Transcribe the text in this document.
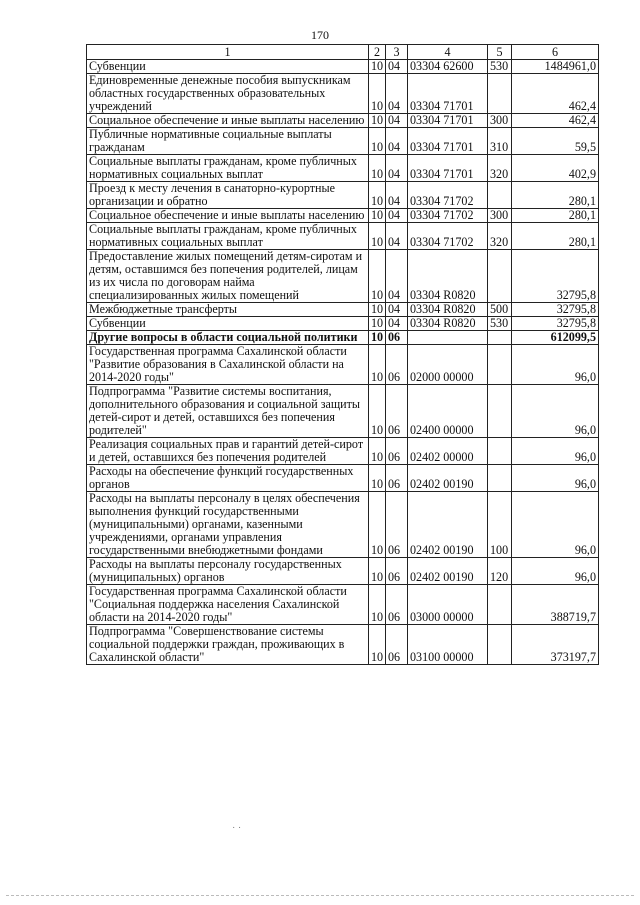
170
1	2	3	4	5	6
Субвенции	10	04	03304 62600	530	1484961,0
Единовременные денежные пособия выпускникам областных государственных образовательных учреждений	10	04	03304 71701		462,4
Социальное обеспечение и иные выплаты населению	10	04	03304 71701	300	462,4
Публичные нормативные социальные выплаты гражданам	10	04	03304 71701	310	59,5
Социальные выплаты гражданам, кроме публичных нормативных социальных выплат	10	04	03304 71701	320	402,9
Проезд к месту лечения в санаторно-курортные организации и обратно	10	04	03304 71702		280,1
Социальное обеспечение и иные выплаты населению	10	04	03304 71702	300	280,1
Социальные выплаты гражданам, кроме публичных нормативных социальных выплат	10	04	03304 71702	320	280,1
Предоставление жилых помещений детям-сиротам и детям, оставшимся без попечения родителей, лицам из их числа по договорам найма специализированных жилых помещений	10	04	03304 R0820		32795,8
Межбюджетные трансферты	10	04	03304 R0820	500	32795,8
Субвенции	10	04	03304 R0820	530	32795,8
Другие вопросы в области социальной политики	10	06			612099,5
Государственная программа Сахалинской области "Развитие образования в Сахалинской области на 2014-2020 годы"	10	06	02000 00000		96,0
Подпрограмма "Развитие системы воспитания, дополнительного образования и социальной защиты детей-сирот и детей, оставшихся без попечения родителей"	10	06	02400 00000		96,0
Реализация социальных прав и гарантий детей-сирот и детей, оставшихся без попечения родителей	10	06	02402 00000		96,0
Расходы на обеспечение функций государственных органов	10	06	02402 00190		96,0
Расходы на выплаты персоналу в целях обеспечения выполнения функций государственными (муниципальными) органами, казенными учреждениями, органами управления государственными внебюджетными фондами	10	06	02402 00190	100	96,0
Расходы на выплаты персоналу государственных (муниципальных) органов	10	06	02402 00190	120	96,0
Государственная программа Сахалинской области "Социальная поддержка населения Сахалинской области на 2014-2020 годы"	10	06	03000 00000		388719,7
Подпрограмма "Совершенствование системы социальной поддержки граждан, проживающих в Сахалинской области"	10	06	03100 00000		373197,7
˙ ˙
